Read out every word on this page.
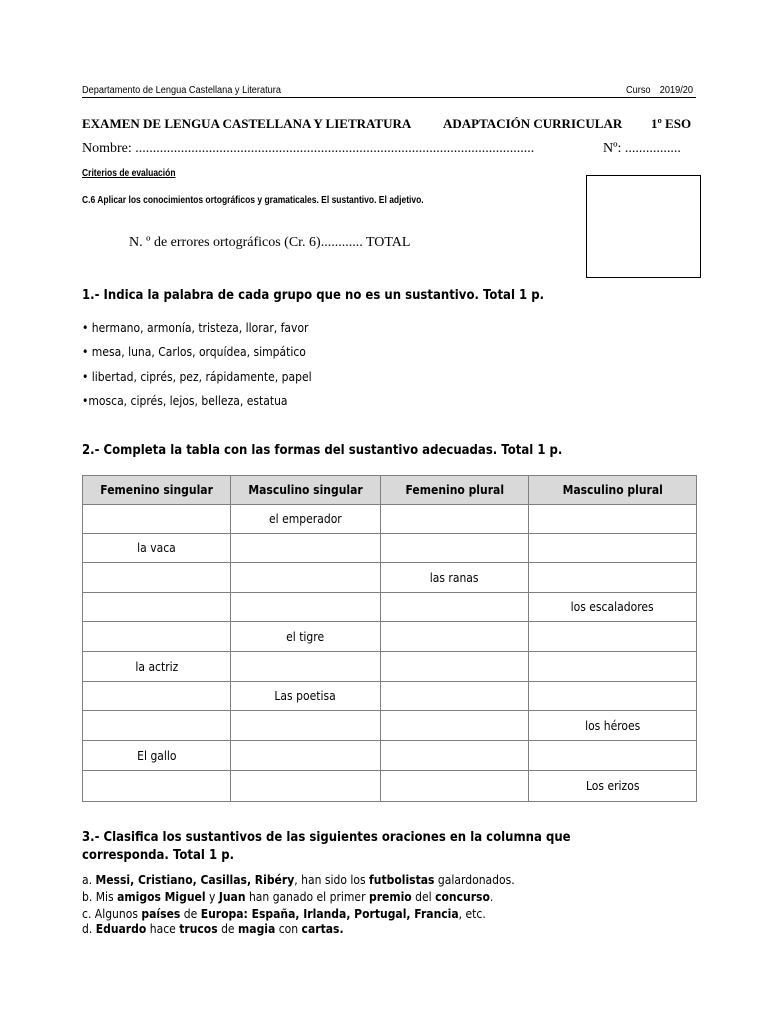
Departamento de Lengua Castellana y Literatura	Curso 2019/20
EXAMEN DE LENGUA CASTELLANA Y LIETRATURA ADAPTACIÓN CURRICULAR 1º ESO
Nombre: ..................................................................................................................	Nº: ................
Criterios de evaluación
C.6 Aplicar los conocimientos ortográficos y gramaticales. El sustantivo. El adjetivo.
N. º de errores ortográficos (Cr. 6)............ TOTAL
1.- Indica la palabra de cada grupo que no es un sustantivo. Total 1 p.
• hermano, armonía, tristeza, llorar, favor
• mesa, luna, Carlos, orquídea, simpático
• libertad, ciprés, pez, rápidamente, papel
•mosca, ciprés, lejos, belleza, estatua
2.- Completa la tabla con las formas del sustantivo adecuadas. Total 1 p.
Femenino singular	Masculino singular	Femenino plural	Masculino plural
	el emperador		
la vaca			
		las ranas	
			los escaladores
	el tigre		
la actriz			
	Las poetisa		
			los héroes
El gallo			
			Los erizos
3.- Clasifica los sustantivos de las siguientes oraciones en la columna que corresponda. Total 1 p.
a. Messi, Cristiano, Casillas, Ribéry, han sido los futbolistas galardonados.
b. Mis amigos Miguel y Juan han ganado el primer premio del concurso.
c. Algunos países de Europa: España, Irlanda, Portugal, Francia, etc.
d. Eduardo hace trucos de magia con cartas.
